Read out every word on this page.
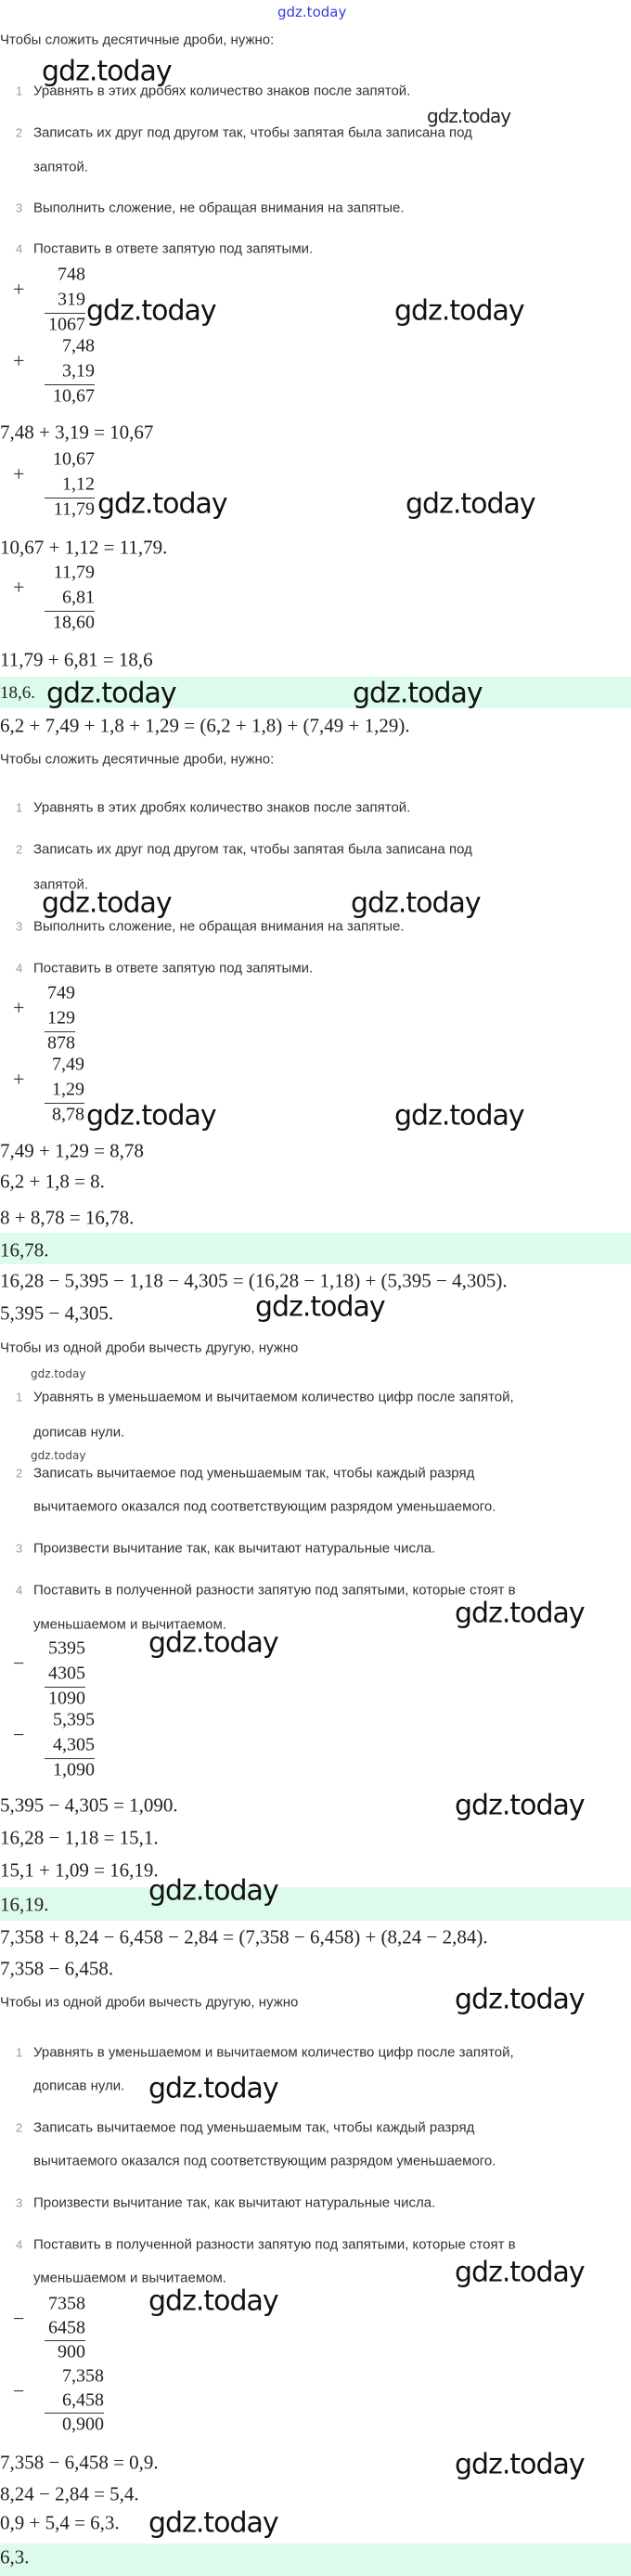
gdz.today
Чтобы сложить десятичные дроби, нужно:
gdz.today
1 Уравнять в этих дробях количество знаков после запятой.
gdz.today
2 Записать их друг под другом так, чтобы запятая была записана под
запятой.
3 Выполнить сложение, не обращая внимания на запятые.
4 Поставить в ответе запятую под запятыми.
+
748
319
1067 gdz.today	gdz.today
+
7,48
3,19
10,67
7,48 + 3,19 = 10,67
+
10,67
1,12
11,79 gdz.today	gdz.today
10,67 + 1,12 = 11,79.
+
11,79
6,81
18,60
11,79 + 6,81 = 18,6
18,6. gdz.today	gdz.today
6,2 + 7,49 + 1,8 + 1,29 = (6,2 + 1,8) + (7,49 + 1,29).
Чтобы сложить десятичные дроби, нужно:
1 Уравнять в этих дробях количество знаков после запятой.
2 Записать их друг под другом так, чтобы запятая была записана под
запятой.
gdz.today	gdz.today
3 Выполнить сложение, не обращая внимания на запятые.
4 Поставить в ответе запятую под запятыми.
+
749
129
878
+
7,49
1,29
8,78 gdz.today	gdz.today
7,49 + 1,29 = 8,78
6,2 + 1,8 = 8.
8 + 8,78 = 16,78.
16,78.
16,28 − 5,395 − 1,18 − 4,305 = (16,28 − 1,18) + (5,395 − 4,305).
5,395 − 4,305.	gdz.today
Чтобы из одной дроби вычесть другую, нужно
gdz.today
1 Уравнять в уменьшаемом и вычитаемом количество цифр после запятой,
дописав нули.
gdz.today
2 Записать вычитаемое под уменьшаемым так, чтобы каждый разряд
вычитаемого оказался под соответствующим разрядом уменьшаемого.
3 Произвести вычитание так, как вычитают натуральные числа.
4 Поставить в полученной разности запятую под запятыми, которые стоят в
уменьшаемом и вычитаемом.	gdz.today
gdz.today
−
5395
4305
1090
−
5,395
4,305
1,090
5,395 − 4,305 = 1,090.	gdz.today
16,28 − 1,18 = 15,1.
15,1 + 1,09 = 16,19.
16,19.	gdz.today
7,358 + 8,24 − 6,458 − 2,84 = (7,358 − 6,458) + (8,24 − 2,84).
7,358 − 6,458.
Чтобы из одной дроби вычесть другую, нужно	gdz.today
1 Уравнять в уменьшаемом и вычитаемом количество цифр после запятой,
дописав нули. gdz.today
2 Записать вычитаемое под уменьшаемым так, чтобы каждый разряд
вычитаемого оказался под соответствующим разрядом уменьшаемого.
3 Произвести вычитание так, как вычитают натуральные числа.
4 Поставить в полученной разности запятую под запятыми, которые стоят в
уменьшаемом и вычитаемом.	gdz.today
gdz.today
−
7358
6458
900
−
7,358
6,458
0,900
7,358 − 6,458 = 0,9.	gdz.today
8,24 − 2,84 = 5,4.
0,9 + 5,4 = 6,3. gdz.today
6,3.
